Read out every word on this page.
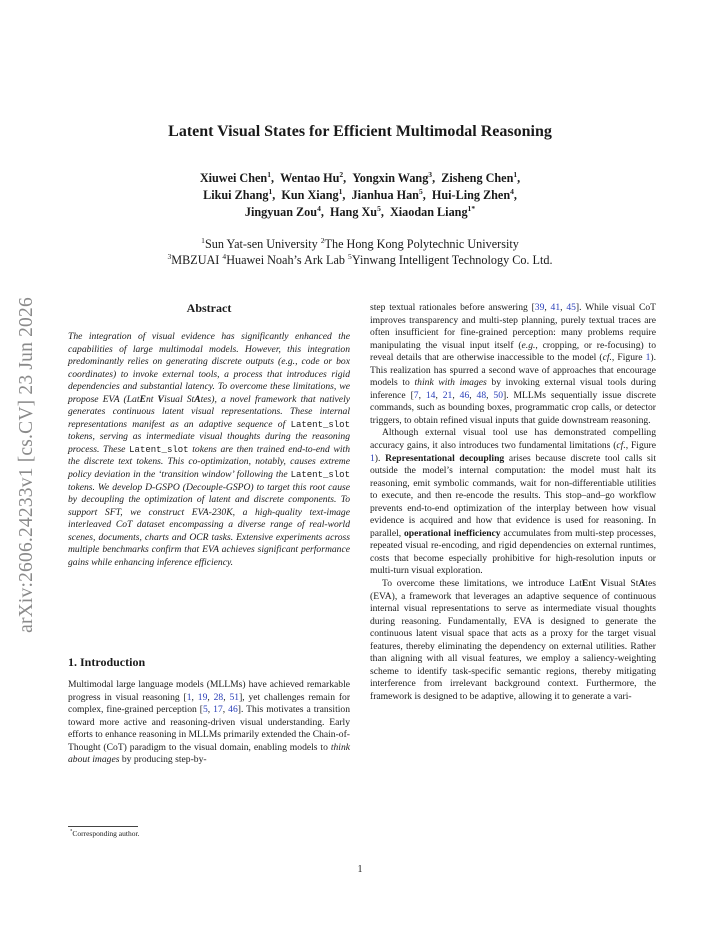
arXiv:2606.24233v1 [cs.CV] 23 Jun 2026
Latent Visual States for Efficient Multimodal Reasoning
Xiuwei Chen$^1$,  Wentao Hu$^2$,  Yongxin Wang$^3$,  Zisheng Chen$^1$,
Likui Zhang$^1$,  Kun Xiang$^1$,  Jianhua Han$^5$,  Hui-Ling Zhen$^4$,
Jingyuan Zou$^4$,  Hang Xu$^5$,  Xiaodan Liang$^{1*}$
$^1$Sun Yat-sen University $^2$The Hong Kong Polytechnic University
$^3$MBZUAI $^4$Huawei Noah’s Ark Lab $^5$Yinwang Intelligent Technology Co. Ltd.
Abstract
The integration of visual evidence has significantly enhanced the capabilities of large multimodal models. However, this integration predominantly relies on generating discrete outputs (e.g., code or box coordinates) to invoke external tools, a process that introduces rigid dependencies and substantial latency. To overcome these limitations, we propose EVA (LatEnt Visual StAtes), a novel framework that natively generates continuous latent visual representations. These internal representations manifest as an adaptive sequence of Latent_slot tokens, serving as intermediate visual thoughts during the reasoning process. These Latent_slot tokens are then trained end-to-end with the discrete text tokens. This co-optimization, notably, causes extreme policy deviation in the ‘transition window’ following the Latent_slot tokens. We develop D-GSPO (Decouple-GSPO) to target this root cause by decoupling the optimization of latent and discrete components. To support SFT, we construct EVA-230K, a high-quality text-image interleaved CoT dataset encompassing a diverse range of real-world scenes, documents, charts and OCR tasks. Extensive experiments across multiple benchmarks confirm that EVA achieves significant performance gains while enhancing inference efficiency.
1. Introduction

Multimodal large language models (MLLMs) have achieved remarkable progress in visual reasoning [1, 19, 28, 51], yet challenges remain for complex, fine-grained perception [5, 17, 46]. This motivates a transition toward more active and reasoning-driven visual understanding. Early efforts to enhance reasoning in MLLMs primarily extended the Chain-of-Thought (CoT) paradigm to the visual domain, enabling models to think about images by producing step-by-

step textual rationales before answering [39, 41, 45]. While visual CoT improves transparency and multi-step planning, purely textual traces are often insufficient for fine-grained perception: many problems require manipulating the visual input itself (e.g., cropping, or re-focusing) to reveal details that are otherwise inaccessible to the model (cf., Figure 1). This realization has spurred a second wave of approaches that encourage models to think with images by invoking external visual tools during inference [7, 14, 21, 46, 48, 50]. MLLMs sequentially issue discrete commands, such as bounding boxes, programmatic crop calls, or detector triggers, to obtain refined visual inputs that guide downstream reasoning.

Although external visual tool use has demonstrated compelling accuracy gains, it also introduces two fundamental limitations (cf., Figure 1). Representational decoupling arises because discrete tool calls sit outside the model’s internal computation: the model must halt its reasoning, emit symbolic commands, wait for non-differentiable utilities to execute, and then re-encode the results. This stop–and–go workflow prevents end-to-end optimization of the interplay between how visual evidence is acquired and how that evidence is used for reasoning. In parallel, operational inefficiency accumulates from multi-step processes, repeated visual re-encoding, and rigid dependencies on external runtimes, costs that become especially prohibitive for high-resolution inputs or multi-turn visual exploration.

To overcome these limitations, we introduce LatEnt Visual StAtes (EVA), a framework that leverages an adaptive sequence of continuous internal visual representations to serve as intermediate visual thoughts during reasoning. Fundamentally, EVA is designed to generate the continuous latent visual space that acts as a proxy for the target visual features, thereby eliminating the dependency on external utilities. Rather than aligning with all visual features, we employ a saliency-weighting scheme to identify task-specific semantic regions, thereby mitigating interference from irrelevant background context. Furthermore, the framework is designed to be adaptive, allowing it to generate a vari-

*Corresponding author.
1
